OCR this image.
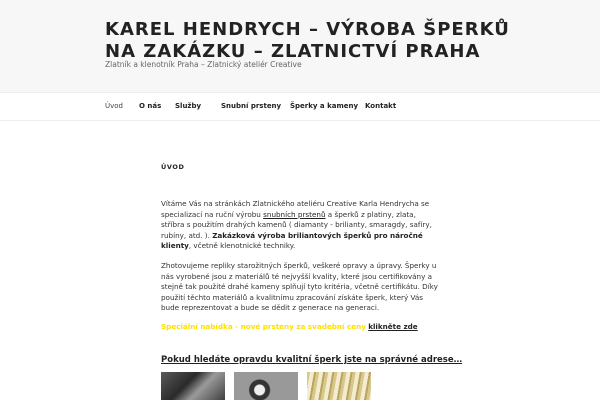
KAREL HENDRYCH – VÝROBA ŠPERKŮ NA ZAKÁZKU – ZLATNICTVÍ PRAHA
Zlatník a klenotník Praha – Zlatnický ateliér Creative
Úvod O nás Služby	Snubní prsteny Šperky a kameny Kontakt
ÚVOD

Vítáme Vás na stránkách Zlatnického ateliéru Creative Karla Hendrycha se specializací na ruční výrobu snubních prstenů a šperků z platiny, zlata, stříbra s použitím drahých kamenů ( diamanty - brilianty, smaragdy, safíry, rubíny, atd. ). Zakázková výroba briliantových šperků pro náročné klienty, včetně klenotnické techniky.

Zhotovujeme repliky starožitných šperků, veškeré opravy a úpravy. Šperky u nás vyrobené jsou z materiálů té nejvyšší kvality, které jsou certifikovány a stejně tak použité drahé kameny splňují tyto kritéria, včetně certifikátu. Díky použití těchto materiálů a kvalitnímu zpracování získáte šperk, který Vás bude reprezentovat a bude se dědit z generace na generaci.

Speciální nabídka - nové prsteny za svadební ceny klikněte zde

Pokud hledáte opravdu kvalitní šperk jste na správné adrese…
